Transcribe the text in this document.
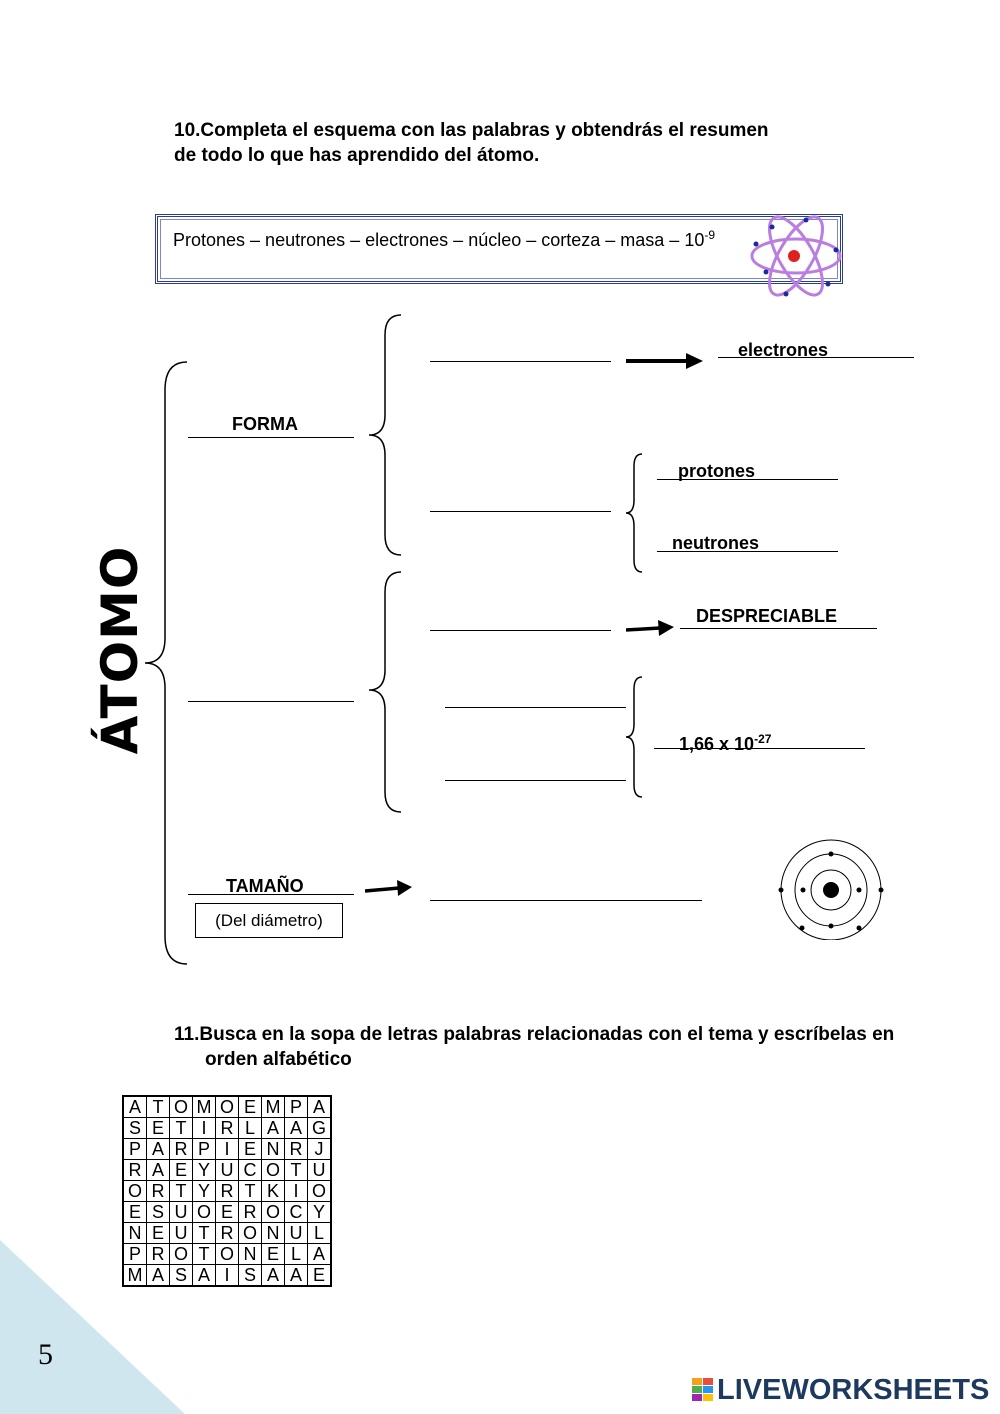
10.Completa el esquema con las palabras y obtendrás el resumen
de todo lo que has aprendido del átomo.
Protones – neutrones – electrones – núcleo – corteza – masa – $10^{-9}$
ÁTOMO
FORMA
electrones
protones
neutrones
DESPRECIABLE
1,66 x $10^{-27}$
TAMAÑO
(Del diámetro)
11.Busca en la sopa de letras palabras relacionadas con el tema y escríbelas en
orden alfabético
A	T	O	M	O	E	M	P	A
S	E	T	I	R	L	A	A	G
P	A	R	P	I	E	N	R	J
R	A	E	Y	U	C	O	T	U
O	R	T	Y	R	T	K	I	O
E	S	U	O	E	R	O	C	Y
N	E	U	T	R	O	N	U	L
P	R	O	T	O	N	E	L	A
M	A	S	A	I	S	A	A	E
5
LIVEWORKSHEETS
